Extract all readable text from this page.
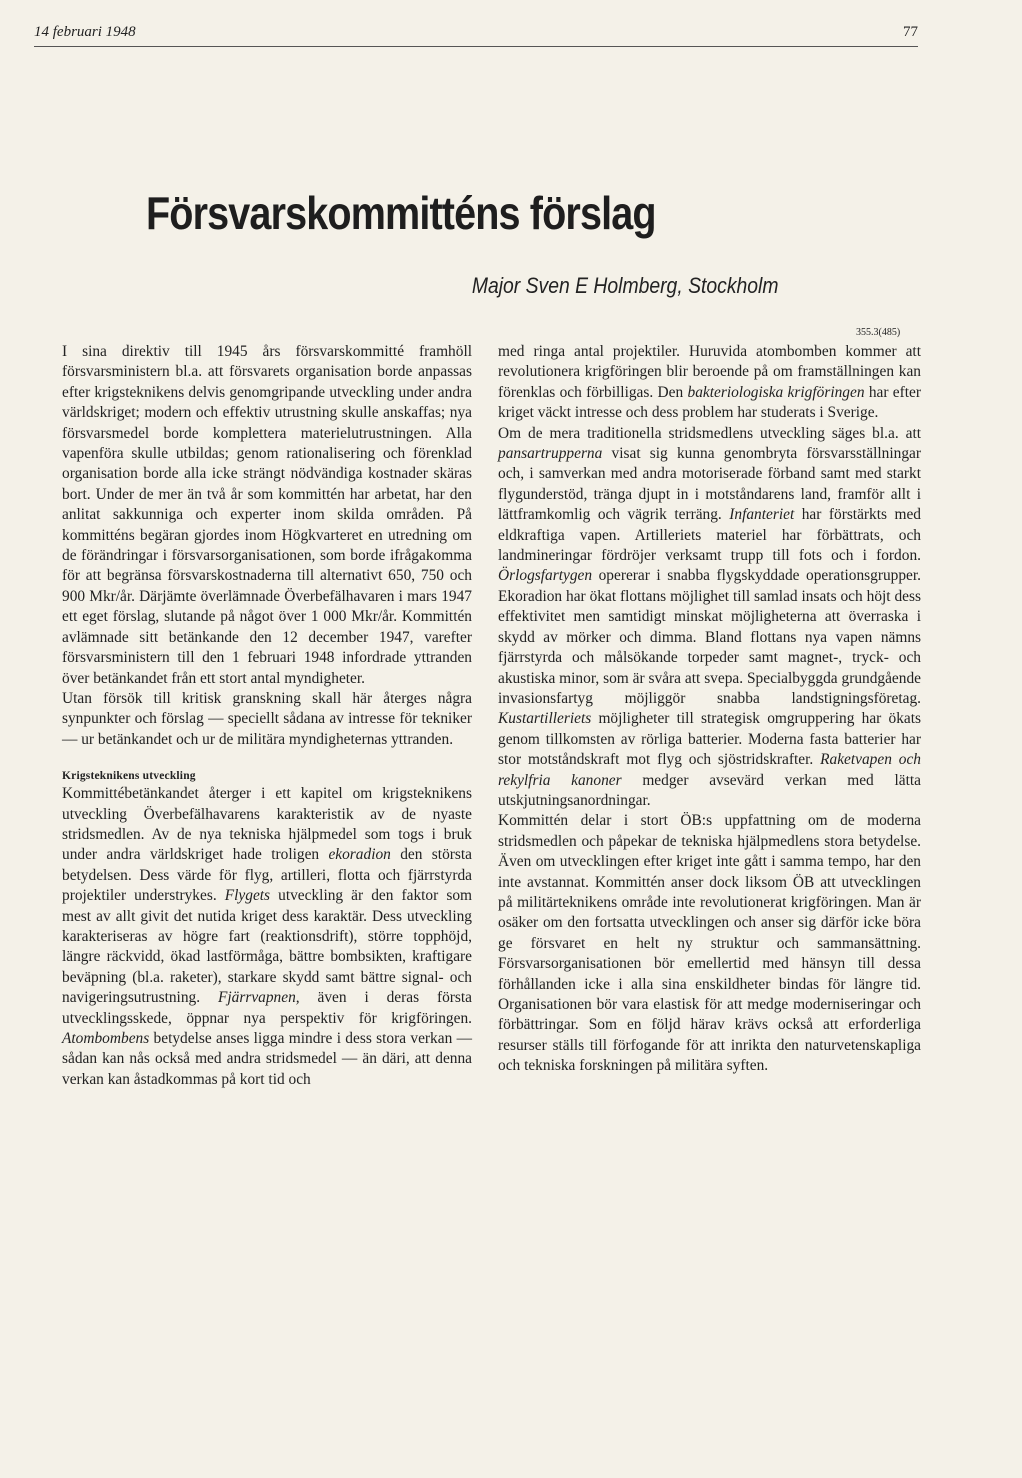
14 februari 1948	77
Försvarskommitténs förslag
Major Sven E Holmberg, Stockholm
355.3(485)

I sina direktiv till 1945 års försvarskommitté framhöll försvarsministern bl.a. att försvarets organisation borde anpassas efter krigsteknikens delvis genomgripande utveckling under andra världskriget; modern och effektiv utrustning skulle anskaffas; nya försvarsmedel borde komplettera materielutrustningen. Alla vapenföra skulle utbildas; genom rationalisering och förenklad organisation borde alla icke strängt nödvändiga kostnader skäras bort. Under de mer än två år som kommittén har arbetat, har den anlitat sakkunniga och experter inom skilda områden. På kommitténs begäran gjordes inom Högkvarteret en utredning om de förändringar i försvarsorganisationen, som borde ifrågakomma för att begränsa försvarskostnaderna till alternativt 650, 750 och 900 Mkr/år. Därjämte överlämnade Överbefälhavaren i mars 1947 ett eget förslag, slutande på något över 1 000 Mkr/år. Kommittén avlämnade sitt betänkande den 12 december 1947, varefter försvarsministern till den 1 februari 1948 infordrade yttranden över betänkandet från ett stort antal myndigheter.

Utan försök till kritisk granskning skall här återges några synpunkter och förslag — speciellt sådana av intresse för tekniker — ur betänkandet och ur de militära myndigheternas yttranden.

Krigsteknikens utveckling

Kommittébetänkandet återger i ett kapitel om krigsteknikens utveckling Överbefälhavarens karakteristik av de nyaste stridsmedlen. Av de nya tekniska hjälpmedel som togs i bruk under andra världskriget hade troligen ekoradion den största betydelsen. Dess värde för flyg, artilleri, flotta och fjärrstyrda projektiler understrykes. Flygets utveckling är den faktor som mest av allt givit det nutida kriget dess karaktär. Dess utveckling karakteriseras av högre fart (reaktionsdrift), större topphöjd, längre räckvidd, ökad lastförmåga, bättre bombsikten, kraftigare beväpning (bl.a. raketer), starkare skydd samt bättre signal- och navigeringsutrustning. Fjärrvapnen, även i deras första utvecklingsskede, öppnar nya perspektiv för krigföringen. Atombombens betydelse anses ligga mindre i dess stora verkan — sådan kan nås också med andra stridsmedel — än däri, att denna verkan kan åstadkommas på kort tid och

med ringa antal projektiler. Huruvida atombomben kommer att revolutionera krigföringen blir beroende på om framställningen kan förenklas och förbilligas. Den bakteriologiska krigföringen har efter kriget väckt intresse och dess problem har studerats i Sverige.

Om de mera traditionella stridsmedlens utveckling säges bl.a. att pansartrupperna visat sig kunna genombryta försvarsställningar och, i samverkan med andra motoriserade förband samt med starkt flygunderstöd, tränga djupt in i motståndarens land, framför allt i lättframkomlig och vägrik terräng. Infanteriet har förstärkts med eldkraftiga vapen. Artilleriets materiel har förbättrats, och landmineringar fördröjer verksamt trupp till fots och i fordon. Örlogsfartygen opererar i snabba flygskyddade operationsgrupper. Ekoradion har ökat flottans möjlighet till samlad insats och höjt dess effektivitet men samtidigt minskat möjligheterna att överraska i skydd av mörker och dimma. Bland flottans nya vapen nämns fjärrstyrda och målsökande torpeder samt magnet-, tryck- och akustiska minor, som är svåra att svepa. Specialbyggda grundgående invasionsfartyg möjliggör snabba landstigningsföretag. Kustartilleriets möjligheter till strategisk omgruppering har ökats genom tillkomsten av rörliga batterier. Moderna fasta batterier har stor motståndskraft mot flyg och sjöstridskrafter. Raketvapen och rekylfria kanoner medger avsevärd verkan med lätta utskjutningsanordningar.

Kommittén delar i stort ÖB:s uppfattning om de moderna stridsmedlen och påpekar de tekniska hjälpmedlens stora betydelse. Även om utvecklingen efter kriget inte gått i samma tempo, har den inte avstannat. Kommittén anser dock liksom ÖB att utvecklingen på militärteknikens område inte revolutionerat krigföringen. Man är osäker om den fortsatta utvecklingen och anser sig därför icke böra ge försvaret en helt ny struktur och sammansättning. Försvarsorganisationen bör emellertid med hänsyn till dessa förhållanden icke i alla sina enskildheter bindas för längre tid. Organisationen bör vara elastisk för att medge moderniseringar och förbättringar. Som en följd härav krävs också att erforderliga resurser ställs till förfogande för att inrikta den naturvetenskapliga och tekniska forskningen på militära syften.
